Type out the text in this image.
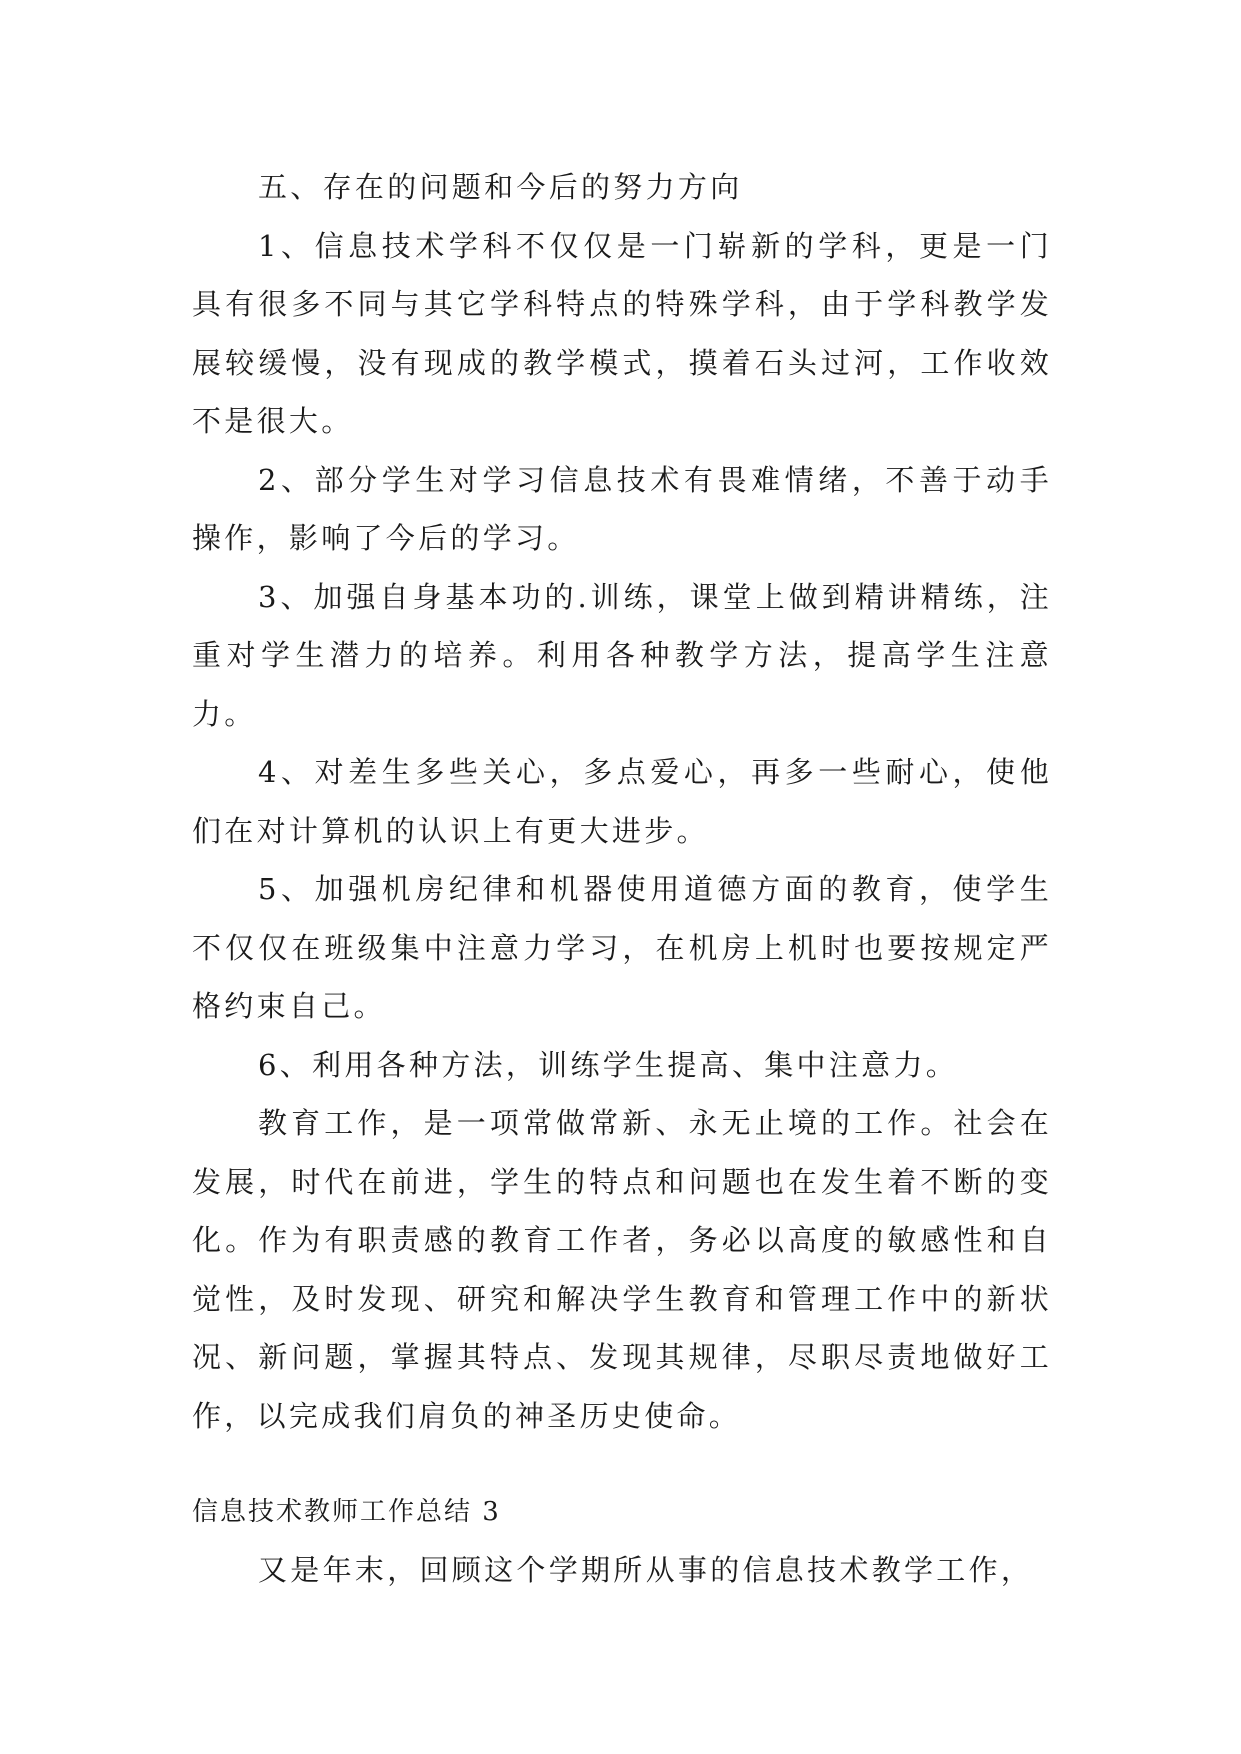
五、存在的问题和今后的努力方向

1、信息技术学科不仅仅是一门崭新的学科，更是一门具有很多不同与其它学科特点的特殊学科，由于学科教学发展较缓慢，没有现成的教学模式，摸着石头过河，工作收效不是很大。

2、部分学生对学习信息技术有畏难情绪，不善于动手操作，影响了今后的学习。

3、加强自身基本功的.训练，课堂上做到精讲精练，注重对学生潜力的培养。利用各种教学方法，提高学生注意力。

4、对差生多些关心，多点爱心，再多一些耐心，使他们在对计算机的认识上有更大进步。

5、加强机房纪律和机器使用道德方面的教育，使学生不仅仅在班级集中注意力学习，在机房上机时也要按规定严格约束自己。

6、利用各种方法，训练学生提高、集中注意力。

教育工作，是一项常做常新、永无止境的工作。社会在发展，时代在前进，学生的特点和问题也在发生着不断的变化。作为有职责感的教育工作者，务必以高度的敏感性和自觉性，及时发现、研究和解决学生教育和管理工作中的新状况、新问题，掌握其特点、发现其规律，尽职尽责地做好工作，以完成我们肩负的神圣历史使命。

信息技术教师工作总结 3

又是年末，回顾这个学期所从事的信息技术教学工作，
